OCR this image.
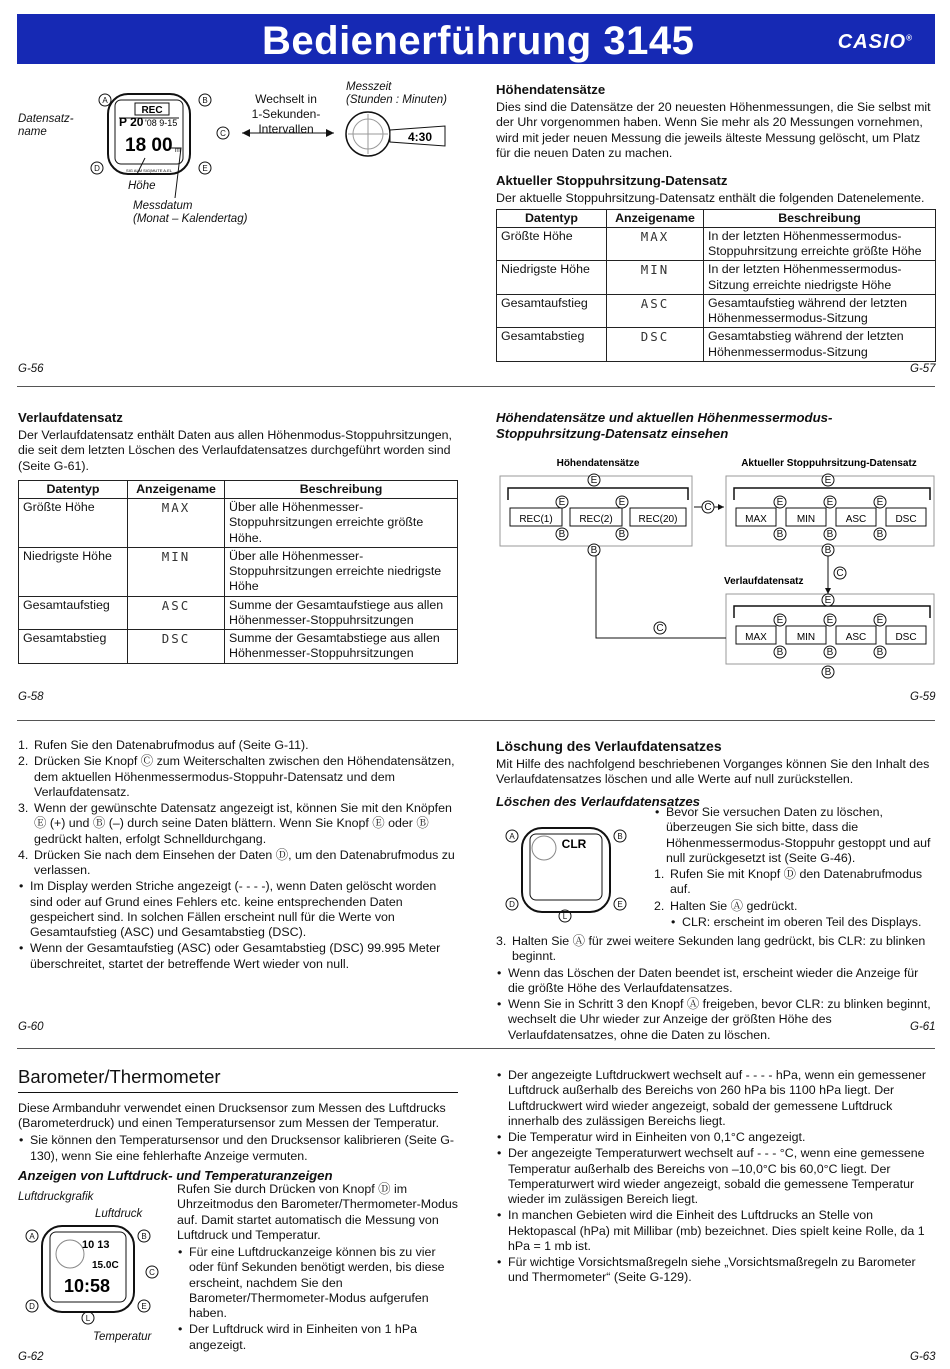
Bedienerführung 3145	CASIO®
Datensatz-
name
A	B
C
D	E
REC
P 20 '08 9-15
18 00 m
SIG ALM SIG|MUTE A.EL
Höhe
Messdatum
(Monat – Kalendertag)
Wechselt in
1-Sekunden-
Intervallen
Messzeit
(Stunden : Minuten)
4:30
G-56
Höhendatensätze

Dies sind die Datensätze der 20 neuesten Höhenmessungen, die Sie selbst mit der Uhr vorgenommen haben. Wenn Sie mehr als 20 Messungen vornehmen, wird mit jeder neuen Messung die jeweils älteste Messung gelöscht, um Platz für die neuen Daten zu machen.

Aktueller Stoppuhrsitzung-Datensatz

Der aktuelle Stoppuhrsitzung-Datensatz enthält die folgenden Datenelemente.

Datentyp	Anzeigename	Beschreibung
Größte Höhe	MAX	In der letzten Höhenmessermodus-Stoppuhrsitzung erreichte größte Höhe
Niedrigste Höhe	MIN	In der letzten Höhenmessermodus-Sitzung erreichte niedrigste Höhe
Gesamtaufstieg	ASC	Gesamtaufstieg während der letzten Höhenmessermodus-Sitzung
Gesamtabstieg	DSC	Gesamtabstieg während der letzten Höhenmessermodus-Sitzung
G-57
Verlaufdatensatz

Der Verlaufdatensatz enthält Daten aus allen Höhenmodus-Stoppuhrsitzungen, die seit dem letzten Löschen des Verlaufdatensatzes durchgeführt worden sind (Seite G-61).

Datentyp	Anzeigename	Beschreibung
Größte Höhe	MAX	Über alle Höhenmesser-Stoppuhrsitzungen erreichte größte Höhe.
Niedrigste Höhe	MIN	Über alle Höhenmesser-Stoppuhrsitzungen erreichte niedrigste Höhe
Gesamtaufstieg	ASC	Summe der Gesamtaufstiege aus allen Höhenmesser-Stoppuhrsitzungen
Gesamtabstieg	DSC	Summe der Gesamtabstiege aus allen Höhenmesser-Stoppuhrsitzungen
G-58
Höhendatensätze und aktuellen Höhenmessermodus-Stoppuhrsitzung-Datensatz einsehen
Höhendatensätze	Aktueller Stoppuhrsitzung-Datensatz
Verlaufdatensatz
REC(1)	REC(2)	REC(20)	MAX	MIN	ASC	DSC
MAX	MIN	ASC	DSC
E
E	E
B	B
B
C
E
E	E	E
B	B	B
B
C
E
C
E	E	E
B	B	B
B
G-59
1. Rufen Sie den Datenabrufmodus auf (Seite G-11).
2. Drücken Sie Knopf Ⓒ zum Weiterschalten zwischen den Höhendatensätzen, dem aktuellen Höhenmessermodus-Stoppuhr-Datensatz und dem Verlaufdatensatz.
3. Wenn der gewünschte Datensatz angezeigt ist, können Sie mit den Knöpfen Ⓔ (+) und Ⓑ (–) durch seine Daten blättern. Wenn Sie Knopf Ⓔ oder Ⓑ gedrückt halten, erfolgt Schnelldurchgang.
4. Drücken Sie nach dem Einsehen der Daten Ⓓ, um den Datenabrufmodus zu verlassen.
• Im Display werden Striche angezeigt (- - - -), wenn Daten gelöscht worden sind oder auf Grund eines Fehlers etc. keine entsprechenden Daten gespeichert sind. In solchen Fällen erscheint null für die Werte von Gesamtaufstieg (ASC) und Gesamtabstieg (DSC).
• Wenn der Gesamtaufstieg (ASC) oder Gesamtabstieg (DSC) 99.995 Meter überschreitet, startet der betreffende Wert wieder von null.
G-60
Löschung des Verlaufdatensatzes

Mit Hilfe des nachfolgend beschriebenen Vorganges können Sie den Inhalt des Verlaufdatensatzes löschen und alle Werte auf null zurückstellen.

Löschen des Verlaufdatensatzes
CLR
A	B
D	E
L
• Bevor Sie versuchen Daten zu löschen, überzeugen Sie sich bitte, dass die Höhenmessermodus-Stoppuhr gestoppt und auf null zurückgesetzt ist (Seite G-46).
1. Rufen Sie mit Knopf Ⓓ den Datenabrufmodus auf.
2. Halten Sie Ⓐ gedrückt.
• CLR: erscheint im oberen Teil des Displays.
3. Halten Sie Ⓐ für zwei weitere Sekunden lang gedrückt, bis CLR: zu blinken beginnt.
• Wenn das Löschen der Daten beendet ist, erscheint wieder die Anzeige für die größte Höhe des Verlaufdatensatzes.
• Wenn Sie in Schritt 3 den Knopf Ⓐ freigeben, bevor CLR: zu blinken beginnt, wechselt die Uhr wieder zur Anzeige der größten Höhe des Verlaufdatensatzes, ohne die Daten zu löschen.
G-61
Barometer/Thermometer

Diese Armbanduhr verwendet einen Drucksensor zum Messen des Luftdrucks (Barometerdruck) und einen Temperatursensor zum Messen der Temperatur.

• Sie können den Temperatursensor und den Drucksensor kalibrieren (Seite G-130), wenn Sie eine fehlerhafte Anzeige vermuten.
Anzeigen von Luftdruck- und Temperaturanzeigen
Luftdruckgrafik
Luftdruck
10 13
15.0C
10:58
A	B
C
D	E
L
Temperatur

Rufen Sie durch Drücken von Knopf Ⓓ im Uhrzeitmodus den Barometer/Thermometer-Modus auf. Damit startet automatisch die Messung von Luftdruck und Temperatur.

• Für eine Luftdruckanzeige können bis zu vier oder fünf Sekunden benötigt werden, bis diese erscheint, nachdem Sie den Barometer/Thermometer-Modus aufgerufen haben.
• Der Luftdruck wird in Einheiten von 1 hPa angezeigt.
G-62
• Der angezeigte Luftdruckwert wechselt auf - - - - hPa, wenn ein gemessener Luftdruck außerhalb des Bereichs von 260 hPa bis 1100 hPa liegt. Der Luftdruckwert wird wieder angezeigt, sobald der gemessene Luftdruck innerhalb des zulässigen Bereichs liegt.
• Die Temperatur wird in Einheiten von 0,1°C angezeigt.
• Der angezeigte Temperaturwert wechselt auf - - - °C, wenn eine gemessene Temperatur außerhalb des Bereichs von –10,0°C bis 60,0°C liegt. Der Temperaturwert wird wieder angezeigt, sobald die gemessene Temperatur wieder im zulässigen Bereich liegt.
• In manchen Gebieten wird die Einheit des Luftdrucks an Stelle von Hektopascal (hPa) mit Millibar (mb) bezeichnet. Dies spielt keine Rolle, da 1 hPa = 1 mb ist.
• Für wichtige Vorsichtsmaßregeln siehe „Vorsichtsmaßregeln zu Barometer und Thermometer“ (Seite G-129).
G-63
